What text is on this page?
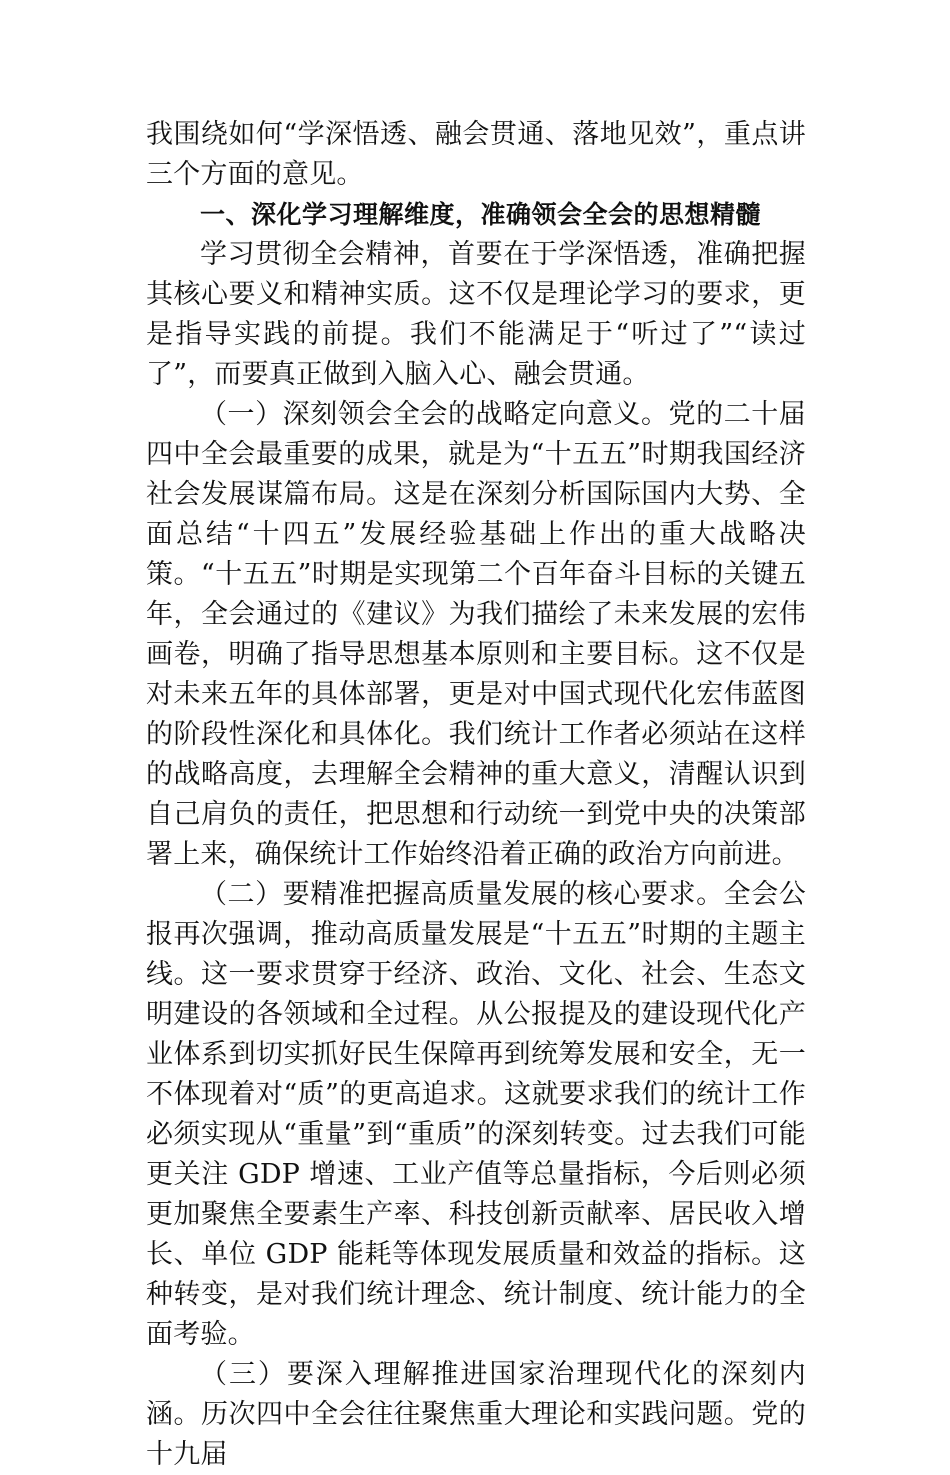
我围绕如何“学深悟透、融会贯通、落地见效”，重点讲三个方面的意见。

一、深化学习理解维度，准确领会全会的思想精髓

学习贯彻全会精神，首要在于学深悟透，准确把握其核心要义和精神实质。这不仅是理论学习的要求，更是指导实践的前提。我们不能满足于“听过了”“读过了”，而要真正做到入脑入心、融会贯通。

（一）深刻领会全会的战略定向意义。党的二十届四中全会最重要的成果，就是为“十五五”时期我国经济社会发展谋篇布局。这是在深刻分析国际国内大势、全面总结“十四五”发展经验基础上作出的重大战略决策。“十五五”时期是实现第二个百年奋斗目标的关键五年，全会通过的《建议》为我们描绘了未来发展的宏伟画卷，明确了指导思想基本原则和主要目标。这不仅是对未来五年的具体部署，更是对中国式现代化宏伟蓝图的阶段性深化和具体化。我们统计工作者必须站在这样的战略高度，去理解全会精神的重大意义，清醒认识到自己肩负的责任，把思想和行动统一到党中央的决策部署上来，确保统计工作始终沿着正确的政治方向前进。

（二）要精准把握高质量发展的核心要求。全会公报再次强调，推动高质量发展是“十五五”时期的主题主线。这一要求贯穿于经济、政治、文化、社会、生态文明建设的各领域和全过程。从公报提及的建设现代化产业体系到切实抓好民生保障再到统筹发展和安全，无一不体现着对“质”的更高追求。这就要求我们的统计工作必须实现从“重量”到“重质”的深刻转变。过去我们可能更关注 GDP 增速、工业产值等总量指标，今后则必须更加聚焦全要素生产率、科技创新贡献率、居民收入增长、单位 GDP 能耗等体现发展质量和效益的指标。这种转变，是对我们统计理念、统计制度、统计能力的全面考验。

（三）要深入理解推进国家治理现代化的深刻内涵。历次四中全会往往聚焦重大理论和实践问题。党的十九届
